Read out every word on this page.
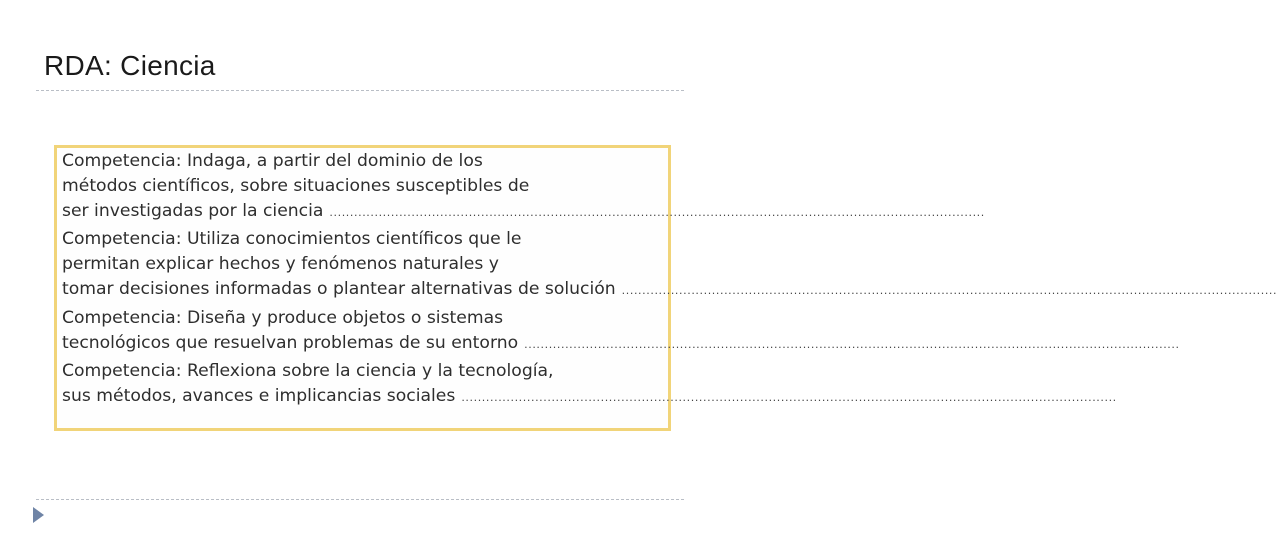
RDA: Ciencia
Competencia: Indaga, a partir del dominio de los
métodos científicos, sobre situaciones susceptibles de
ser investigadas por la ciencia ................................................................................................................................................................
Competencia: Utiliza conocimientos científicos que le
permitan explicar hechos y fenómenos naturales y
tomar decisiones informadas o plantear alternativas de solución ................................................................................................................................................................
Competencia: Diseña y produce objetos o sistemas
tecnológicos que resuelvan problemas de su entorno ................................................................................................................................................................
Competencia: Reflexiona sobre la ciencia y la tecnología,
sus métodos, avances e implicancias sociales ................................................................................................................................................................
